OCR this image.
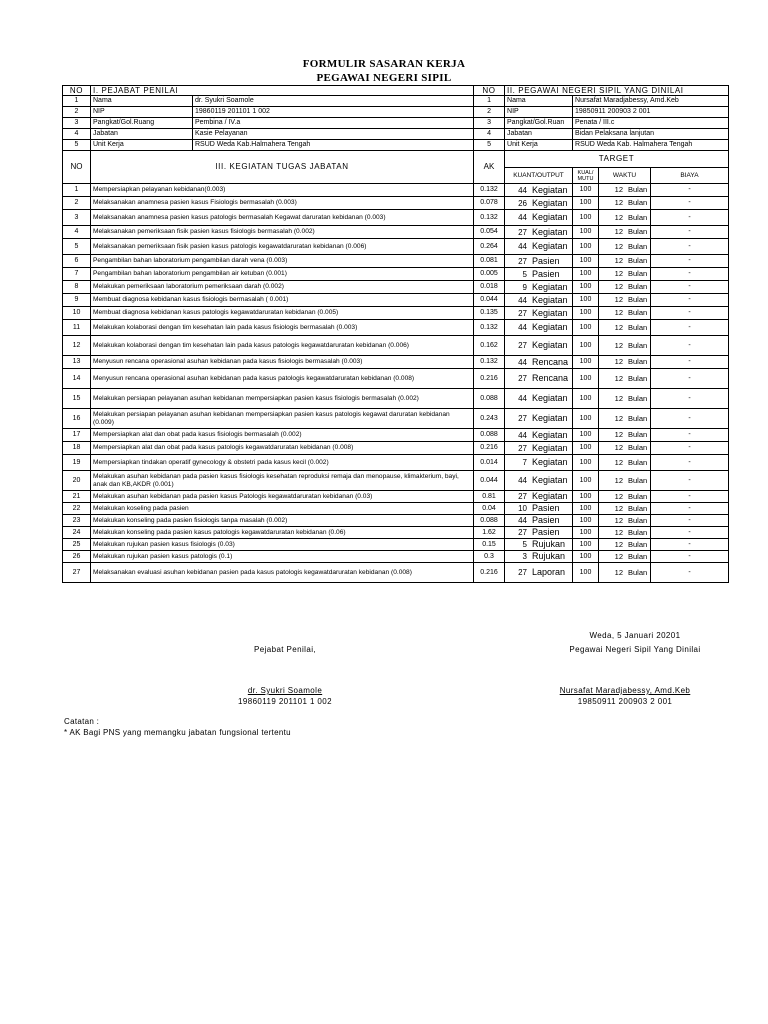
FORMULIR SASARAN KERJA
PEGAWAI NEGERI SIPIL
NO	I. PEJABAT PENILAI		NO	II. PEGAWAI NEGERI SIPIL YANG DINILAI	
1	Nama	dr. Syukri Soamole	1	Nama	Nursafat Maradjabessy, Amd.Keb
2	NIP	19860119 201101 1 002	2	NIP	19850911 200903 2 001
3	Pangkat/Gol.Ruang	Pembina / IV.a	3	Pangkat/Gol.Ruan	Penata / III.c
4	Jabatan	Kasie Pelayanan	4	Jabatan	Bidan Pelaksana lanjutan
5	Unit Kerja	RSUD Weda Kab.Halmahera Tengah	5	Unit Kerja	RSUD Weda Kab. Halmahera Tengah
NO	III. KEGIATAN TUGAS JABATAN	AK	TARGET			
			KUANT/OUTPUT	KUAL/ MUTU	WAKTU	BIAYA
1	Mempersiapkan pelayanan kebidanan(0.003)	0.132	44 Kegiatan	100	12 Bulan	-
2	Melaksanakan anamnesa pasien kasus Fisiologis bermasalah (0.003)	0.078	26 Kegiatan	100	12 Bulan	-
3	Melaksanakan anamnesa pasien kasus patologis bermasalah Kegawat daruratan kebidanan (0.003)	0.132	44 Kegiatan	100	12 Bulan	-
4	Melaksanakan pemeriksaan fisik pasien kasus fisiologis bermasalah (0.002)	0.054	27 Kegiatan	100	12 Bulan	-
5	Melaksanakan pemeriksaan fisik pasien kasus patologis kegawatdaruratan kebidanan (0.006)	0.264	44 Kegiatan	100	12 Bulan	-
6	Pengambilan bahan laboratorium pengambilan darah vena (0.003)	0.081	27 Pasien	100	12 Bulan	-
7	Pengambilan bahan laboratorium pengambilan air ketuban (0.001)	0.005	5 Pasien	100	12 Bulan	-
8	Melakukan pemeriksaan laboratorium pemeriksaan darah (0.002)	0.018	9 Kegiatan	100	12 Bulan	-
9	Membuat diagnosa kebidanan kasus fisiologis bermasalah ( 0.001)	0.044	44 Kegiatan	100	12 Bulan	-
10	Membuat diagnosa kebidanan kasus patologis kegawatdaruratan kebidanan (0.005)	0.135	27 Kegiatan	100	12 Bulan	-
11	Melakukan kolaborasi dengan tim kesehatan lain pada kasus fisiologis bermasalah (0.003)	0.132	44 Kegiatan	100	12 Bulan	-
12	Melakukan kolaborasi dengan tim kesehatan lain pada kasus patologis kegawatdaruratan kebidanan (0.006)	0.162	27 Kegiatan	100	12 Bulan	-
13	Menyusun rencana operasional asuhan kebidanan pada kasus fisiologis bermasalah (0.003)	0.132	44 Rencana	100	12 Bulan	-
14	Menyusun rencana operasional asuhan kebidanan pada kasus patologis kegawatdaruratan kebidanan (0.008)	0.216	27 Rencana	100	12 Bulan	-
15	Melakukan persiapan pelayanan asuhan kebidanan mempersiapkan pasien kasus fisiologis bermasalah (0.002)	0.088	44 Kegiatan	100	12 Bulan	-
16	Melakukan persiapan pelayanan asuhan kebidanan mempersiapkan pasien kasus patologis kegawat daruratan kebidanan (0.009)	0.243	27 Kegiatan	100	12 Bulan	-
17	Mempersiapkan alat dan obat pada kasus fisiologis bermasalah (0.002)	0.088	44 Kegiatan	100	12 Bulan	-
18	Mempersiapkan alat dan obat pada kasus patologis kegawatdaruratan kebidanan (0.008)	0.216	27 Kegiatan	100	12 Bulan	-
19	Mempersiapkan tindakan operatif gynecology & obstetri pada kasus kecil (0.002)	0.014	7 Kegiatan	100	12 Bulan	-
20	Melakukan asuhan kebidanan pada pasien kasus fisiologis kesehatan reproduksi remaja dan menopause, klimakterium, bayi, anak dan KB,AKDR (0.001)	0.044	44 Kegiatan	100	12 Bulan	-
21	Melakukan asuhan kebidanan pada pasien kasus Patologis kegawatdaruratan kebidanan (0.03)	0.81	27 Kegiatan	100	12 Bulan	-
22	Melakukan koseling pada pasien	0.04	10 Pasien	100	12 Bulan	-
23	Melakukan konseling pada pasien fisiologis tanpa masalah (0.002)	0.088	44 Pasien	100	12 Bulan	-
24	Melakukan konseling pada pasien kasus patologis kegawatdaruratan kebidanan (0.06)	1.62	27 Pasien	100	12 Bulan	-
25	Melakukan rujukan pasien kasus fisiologis (0.03)	0.15	5 Rujukan	100	12 Bulan	-
26	Melakukan rujukan pasien kasus patologis (0.1)	0.3	3 Rujukan	100	12 Bulan	-
27	Melaksanakan evaluasi asuhan kebidanan pasien pada kasus patologis kegawatdaruratan kebidanan (0.008)	0.216	27 Laporan	100	12 Bulan	-
Weda, 5 Januari 20201
Pejabat Penilai,	Pegawai Negeri Sipil Yang Dinilai
dr. Syukri Soamole
19860119 201101 1 002
Nursafat Maradjabessy, Amd.Keb
19850911 200903 2 001
Catatan :
* AK Bagi PNS yang memangku jabatan fungsional tertentu
